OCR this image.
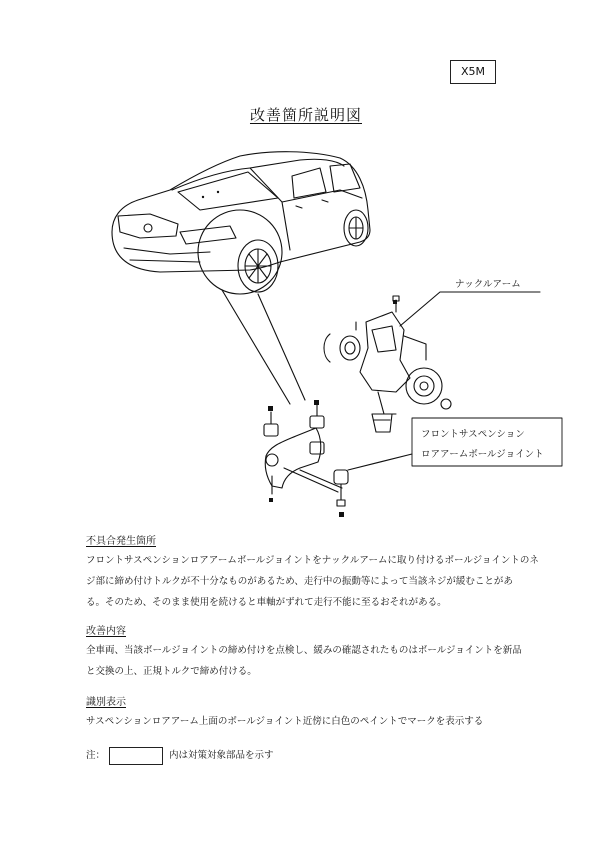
X5M
改善箇所説明図
ナックルアーム
フロントサスペンション
ロアアームボールジョイント
不具合発生箇所

フロントサスペンションロアアームボールジョイントをナックルアームに取り付けるボールジョイントのネ

ジ部に締め付けトルクが不十分なものがあるため、走行中の振動等によって当該ネジが緩むことがあ

る。そのため、そのまま使用を続けると車軸がずれて走行不能に至るおそれがある。

改善内容

全車両、当該ボールジョイントの締め付けを点検し、緩みの確認されたものはボールジョイントを新品

と交換の上、正規トルクで締め付ける。

識別表示

サスペンションロアアーム上面のボールジョイント近傍に白色のペイントでマークを表示する

注：	内は対策対象部品を示す
